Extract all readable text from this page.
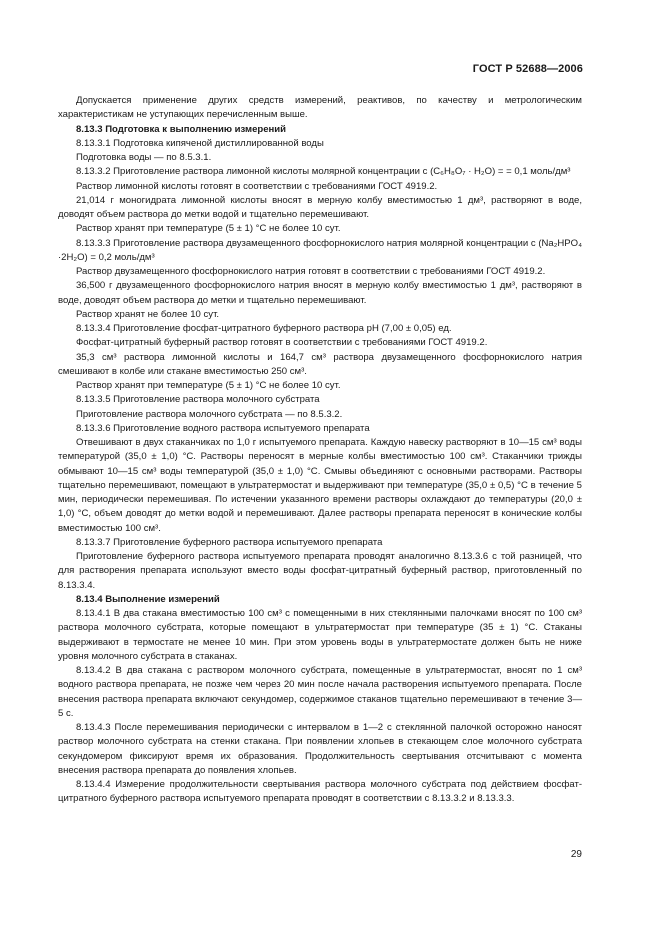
ГОСТ Р 52688—2006

Допускается применение других средств измерений, реактивов, по качеству и метрологическим характеристикам не уступающих перечисленным выше.

8.13.3 Подготовка к выполнению измерений

8.13.3.1 Подготовка кипяченой дистиллированной воды

Подготовка воды — по 8.5.3.1.

8.13.3.2 Приготовление раствора лимонной кислоты молярной концентрации c (C₆H₈O₇ · H₂O) = = 0,1 моль/дм³

Раствор лимонной кислоты готовят в соответствии с требованиями ГОСТ 4919.2.

21,014 г моногидрата лимонной кислоты вносят в мерную колбу вместимостью 1 дм³, растворяют в воде, доводят объем раствора до метки водой и тщательно перемешивают.

Раствор хранят при температуре (5 ± 1) °С не более 10 сут.

8.13.3.3 Приготовление раствора двузамещенного фосфорнокислого натрия молярной концентрации c (Na₂HPO₄ ·2H₂O) = 0,2 моль/дм³

Раствор двузамещенного фосфорнокислого натрия готовят в соответствии с требованиями ГОСТ 4919.2.

36,500 г двузамещенного фосфорнокислого натрия вносят в мерную колбу вместимостью 1 дм³, растворяют в воде, доводят объем раствора до метки и тщательно перемешивают.

Раствор хранят не более 10 сут.

8.13.3.4 Приготовление фосфат-цитратного буферного раствора pH (7,00 ± 0,05) ед.

Фосфат-цитратный буферный раствор готовят в соответствии с требованиями ГОСТ 4919.2.

35,3 см³ раствора лимонной кислоты и 164,7 см³ раствора двузамещенного фосфорнокислого натрия смешивают в колбе или стакане вместимостью 250 см³.

Раствор хранят при температуре (5 ± 1) °С не более 10 сут.

8.13.3.5 Приготовление раствора молочного субстрата

Приготовление раствора молочного субстрата — по 8.5.3.2.

8.13.3.6 Приготовление водного раствора испытуемого препарата

Отвешивают в двух стаканчиках по 1,0 г испытуемого препарата. Каждую навеску растворяют в 10—15 см³ воды температурой (35,0 ± 1,0) °С. Растворы переносят в мерные колбы вместимостью 100 см³. Стаканчики трижды обмывают 10—15 см³ воды температурой (35,0 ± 1,0) °С. Смывы объединяют с основными растворами. Растворы тщательно перемешивают, помещают в ультратермостат и выдерживают при температуре (35,0 ± 0,5) °С в течение 5 мин, периодически перемешивая. По истечении указанного времени растворы охлаждают до температуры (20,0 ± 1,0) °С, объем доводят до метки водой и перемешивают. Далее растворы препарата переносят в конические колбы вместимостью 100 см³.

8.13.3.7 Приготовление буферного раствора испытуемого препарата

Приготовление буферного раствора испытуемого препарата проводят аналогично 8.13.3.6 с той разницей, что для растворения препарата используют вместо воды фосфат-цитратный буферный раствор, приготовленный по 8.13.3.4.

8.13.4 Выполнение измерений

8.13.4.1 В два стакана вместимостью 100 см³ с помещенными в них стеклянными палочками вносят по 100 см³ раствора молочного субстрата, которые помещают в ультратермостат при температуре (35 ± 1) °С. Стаканы выдерживают в термостате не менее 10 мин. При этом уровень воды в ультратермостате должен быть не ниже уровня молочного субстрата в стаканах.

8.13.4.2 В два стакана с раствором молочного субстрата, помещенные в ультратермостат, вносят по 1 см³ водного раствора препарата, не позже чем через 20 мин после начала растворения испытуемого препарата. После внесения раствора препарата включают секундомер, содержимое стаканов тщательно перемешивают в течение 3—5 с.

8.13.4.3 После перемешивания периодически с интервалом в 1—2 с стеклянной палочкой осторожно наносят раствор молочного субстрата на стенки стакана. При появлении хлопьев в стекающем слое молочного субстрата секундомером фиксируют время их образования. Продолжительность свертывания отсчитывают с момента внесения раствора препарата до появления хлопьев.

8.13.4.4 Измерение продолжительности свертывания раствора молочного субстрата под действием фосфат-цитратного буферного раствора испытуемого препарата проводят в соответствии с 8.13.3.2 и 8.13.3.3.

29
